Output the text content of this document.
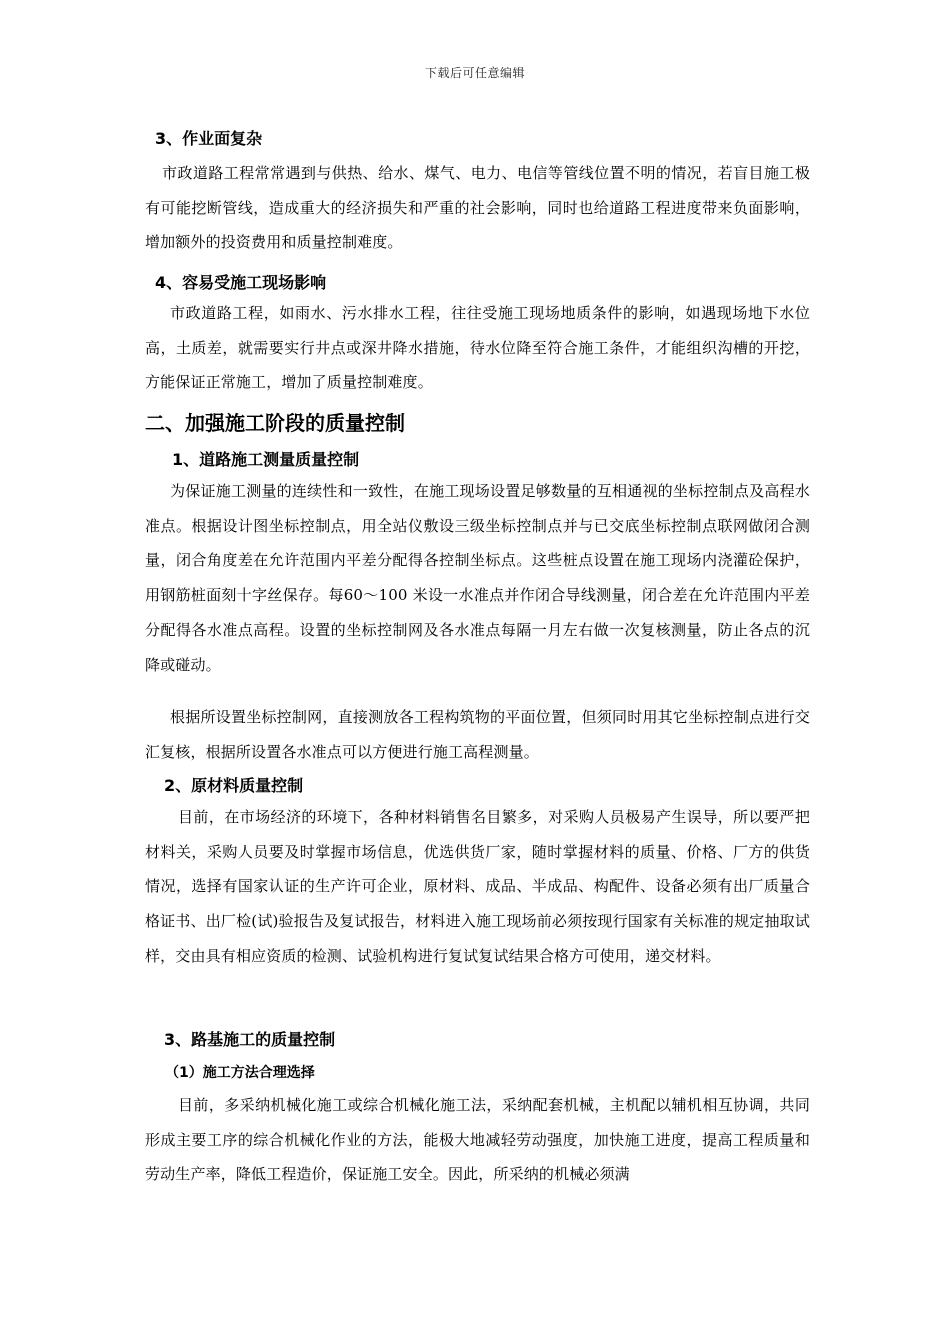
下载后可任意编辑
3、作业面复杂

市政道路工程常常遇到与供热、给水、煤气、电力、电信等管线位置不明的情况，若盲目施工极有可能挖断管线，造成重大的经济损失和严重的社会影响，同时也给道路工程进度带来负面影响，增加额外的投资费用和质量控制难度。

4、容易受施工现场影响

市政道路工程，如雨水、污水排水工程，往往受施工现场地质条件的影响，如遇现场地下水位高，土质差，就需要实行井点或深井降水措施，待水位降至符合施工条件，才能组织沟槽的开挖，方能保证正常施工，增加了质量控制难度。

二、加强施工阶段的质量控制
1、道路施工测量质量控制

为保证施工测量的连续性和一致性，在施工现场设置足够数量的互相通视的坐标控制点及高程水准点。根据设计图坐标控制点，用全站仪敷设三级坐标控制点并与已交底坐标控制点联网做闭合测量，闭合角度差在允许范围内平差分配得各控制坐标点。这些桩点设置在施工现场内浇灌砼保护，用钢筋桩面刻十字丝保存。每60～100 米设一水准点并作闭合导线测量，闭合差在允许范围内平差分配得各水准点高程。设置的坐标控制网及各水准点每隔一月左右做一次复核测量，防止各点的沉降或碰动。

根据所设置坐标控制网，直接测放各工程构筑物的平面位置，但须同时用其它坐标控制点进行交汇复核，根据所设置各水准点可以方便进行施工高程测量。

2、原材料质量控制

目前，在市场经济的环境下，各种材料销售名目繁多，对采购人员极易产生误导，所以要严把材料关，采购人员要及时掌握市场信息，优选供货厂家，随时掌握材料的质量、价格、厂方的供货情况，选择有国家认证的生产许可企业，原材料、成品、半成品、构配件、设备必须有出厂质量合格证书、出厂检(试)验报告及复试报告，材料进入施工现场前必须按现行国家有关标准的规定抽取试样，交由具有相应资质的检测、试验机构进行复试复试结果合格方可使用，递交材料。

3、路基施工的质量控制
（1）施工方法合理选择

目前，多采纳机械化施工或综合机械化施工法，采纳配套机械，主机配以辅机相互协调，共同形成主要工序的综合机械化作业的方法，能极大地减轻劳动强度，加快施工进度，提高工程质量和劳动生产率，降低工程造价，保证施工安全。因此，所采纳的机械必须满
